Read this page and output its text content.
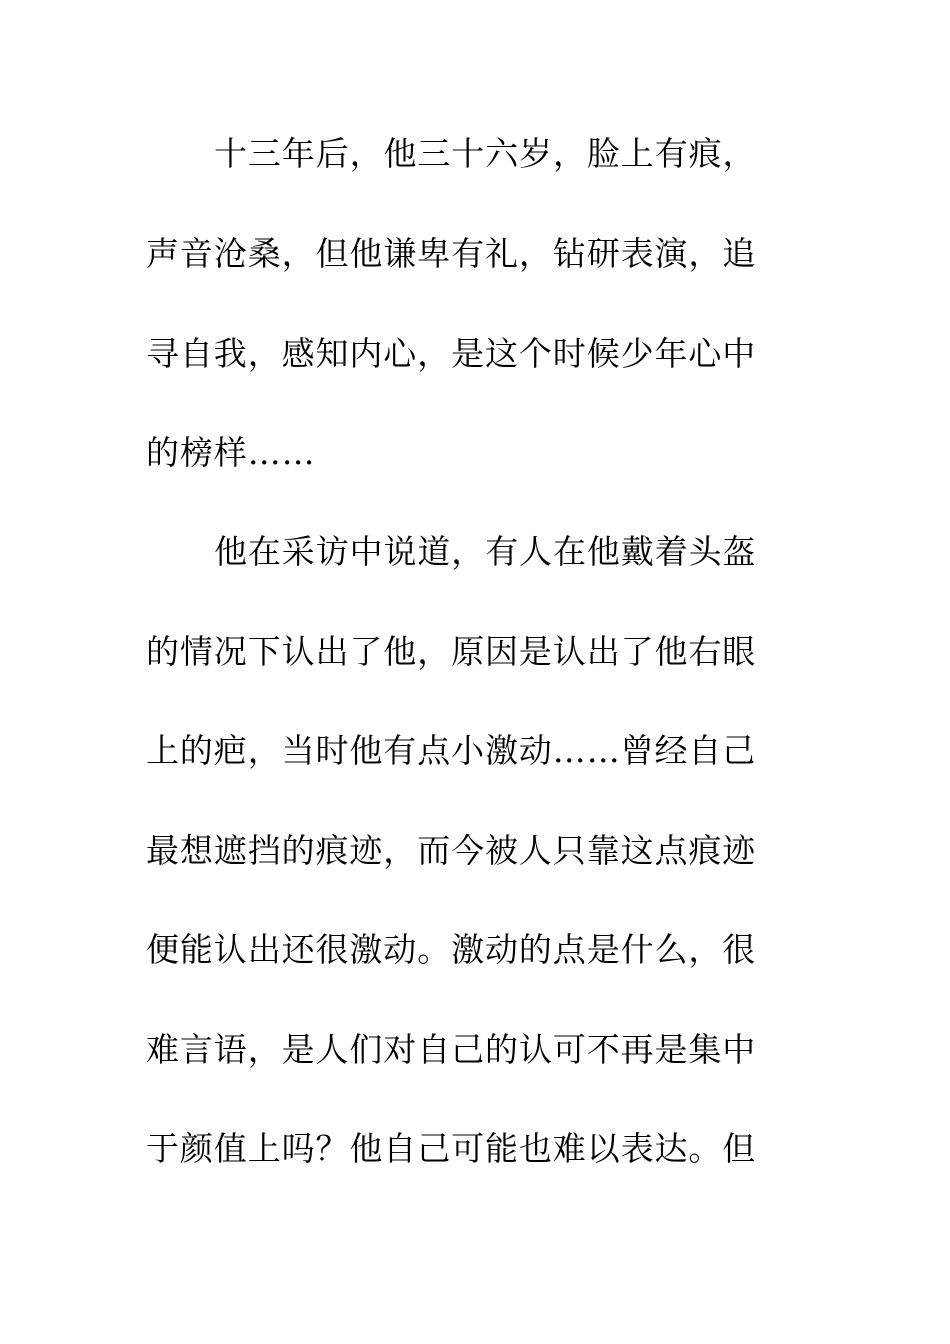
十三年后，他三十六岁，脸上有痕，
声音沧桑，但他谦卑有礼，钻研表演，追
寻自我，感知内心，是这个时候少年心中
的榜样……
他在采访中说道，有人在他戴着头盔
的情况下认出了他，原因是认出了他右眼
上的疤，当时他有点小激动……曾经自己
最想遮挡的痕迹，而今被人只靠这点痕迹
便能认出还很激动。激动的点是什么，很
难言语，是人们对自己的认可不再是集中
于颜值上吗？他自己可能也难以表达。但
